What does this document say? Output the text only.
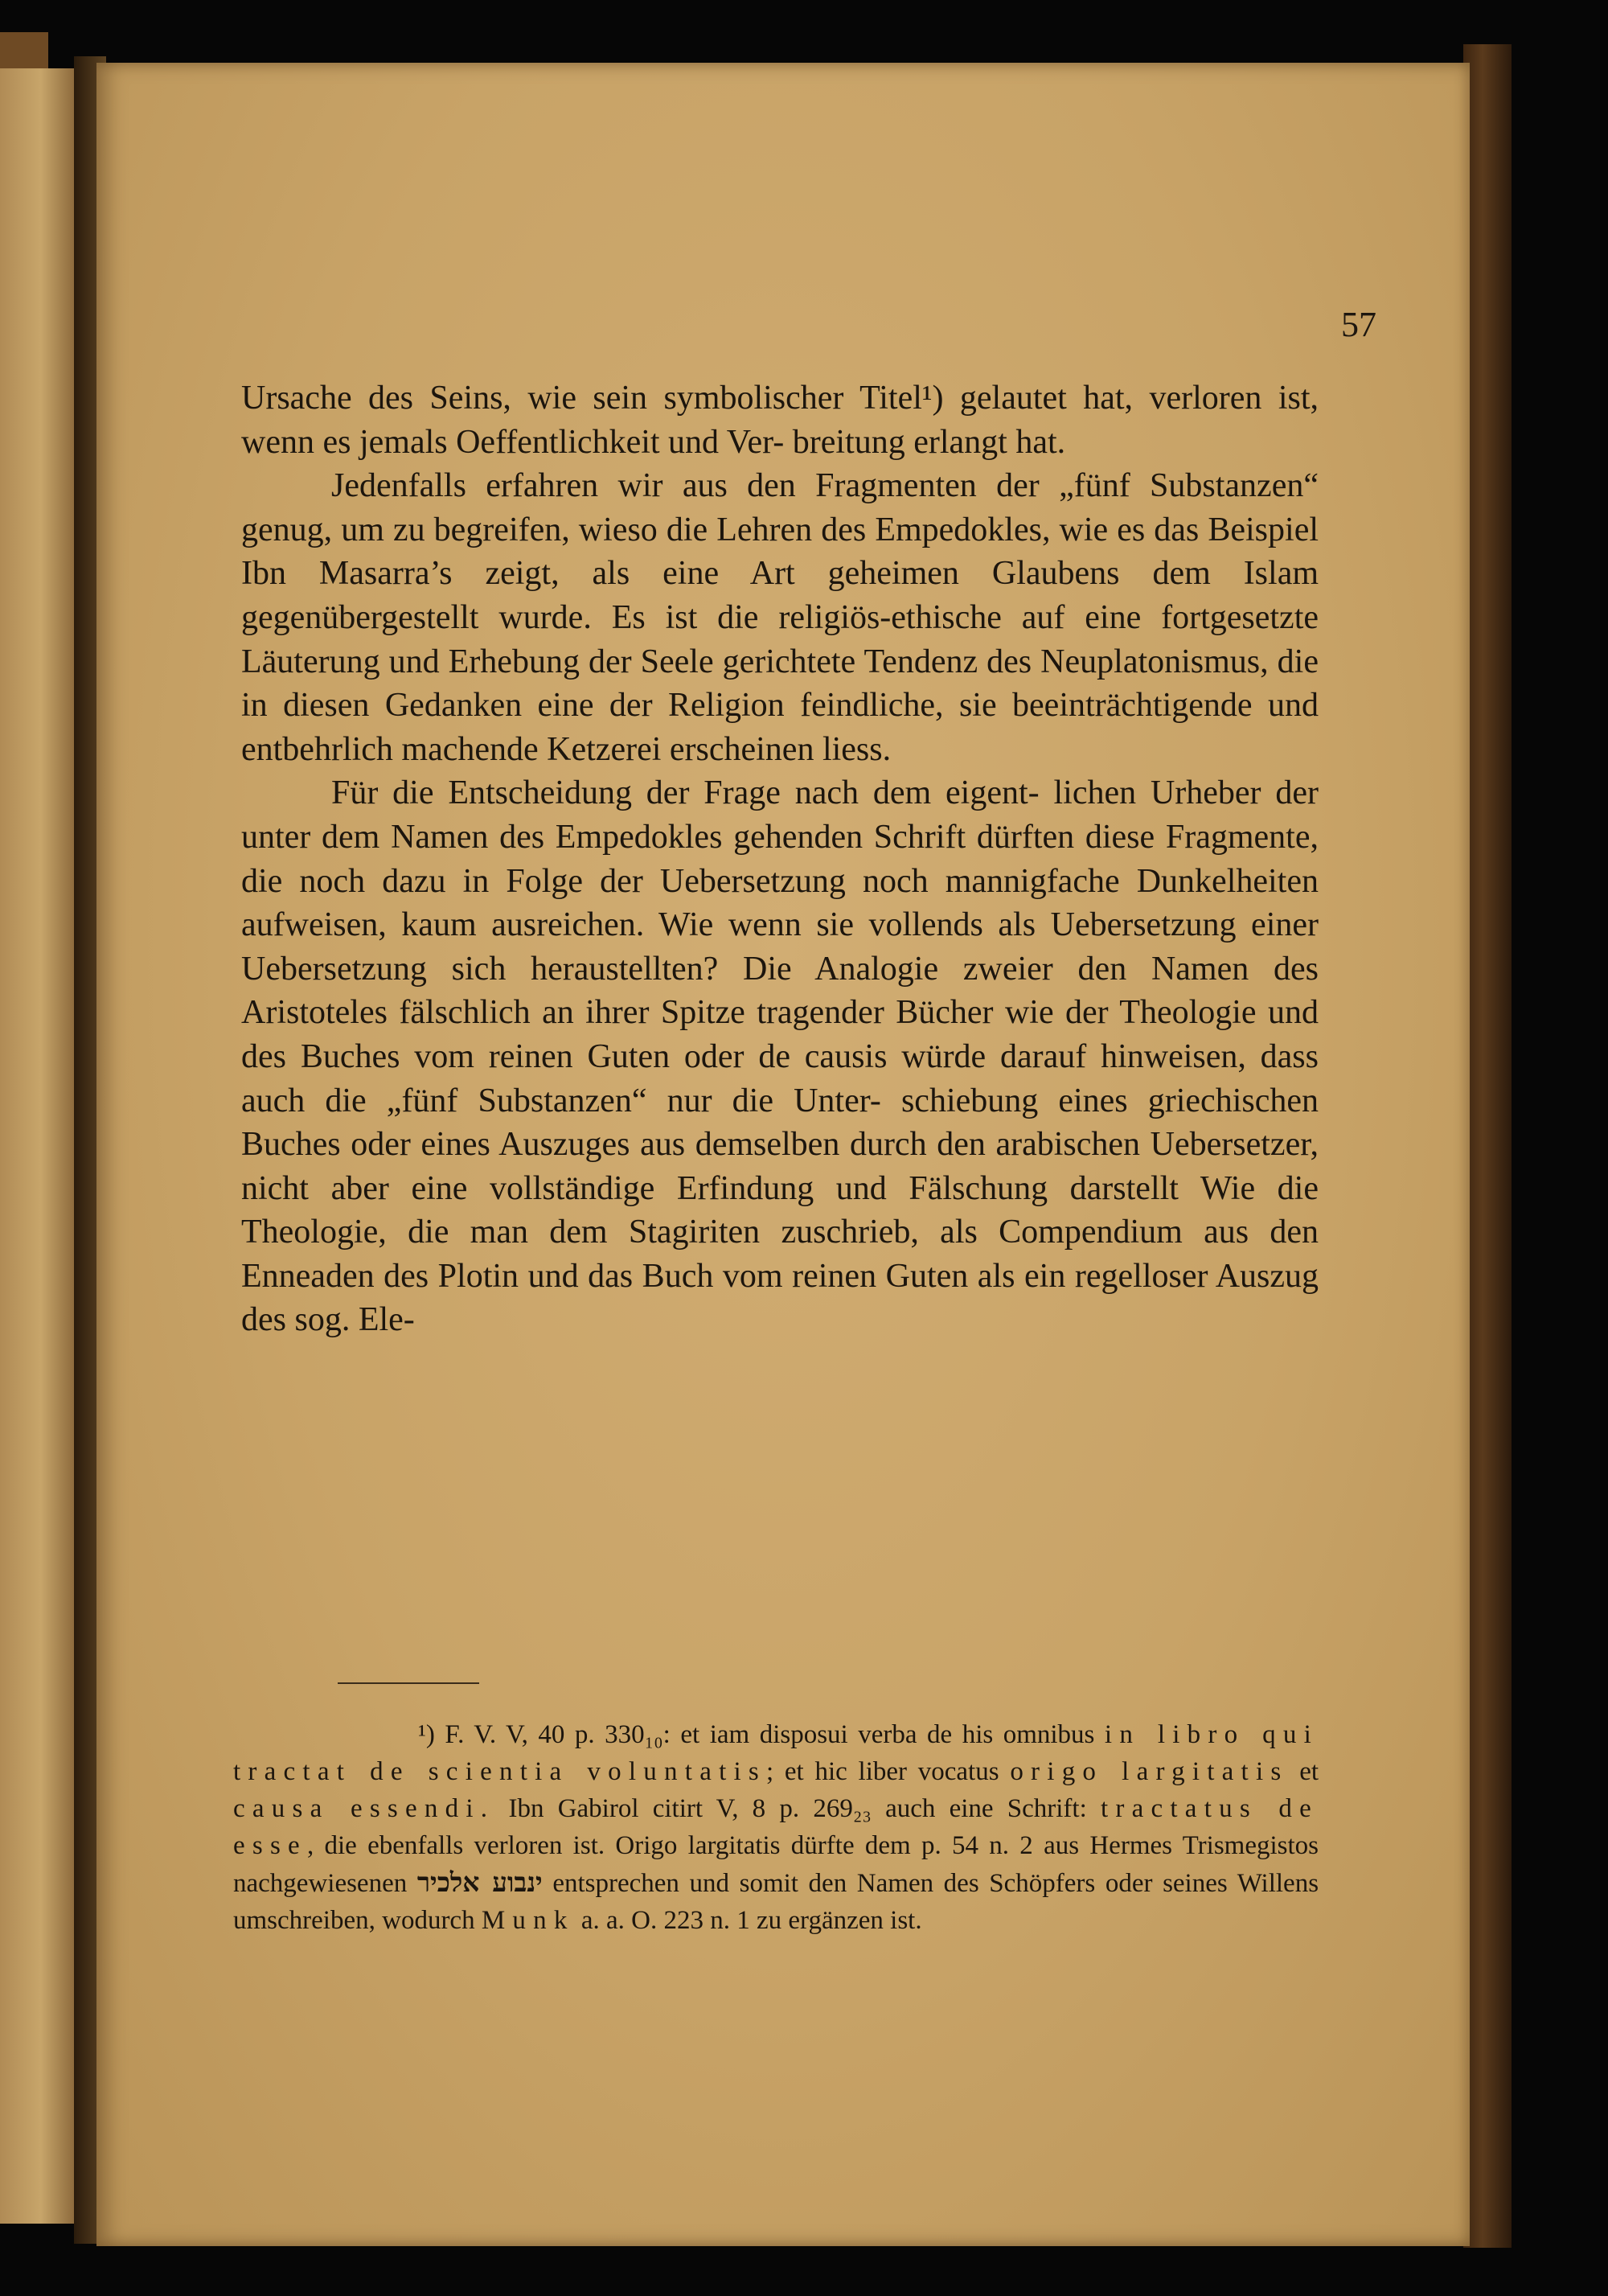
57

Ursache des Seins, wie sein symbolischer Titel¹) gelautet hat, verloren ist, wenn es jemals Oeffentlichkeit und Ver- breitung erlangt hat.

Jedenfalls erfahren wir aus den Fragmenten der „fünf Substanzen“ genug, um zu begreifen, wieso die Lehren des Empedokles, wie es das Beispiel Ibn Masarra’s zeigt, als eine Art geheimen Glaubens dem Islam gegenübergestellt wurde. Es ist die religiös-ethische auf eine fortgesetzte Läuterung und Erhebung der Seele gerichtete Tendenz des Neuplatonismus, die in diesen Gedanken eine der Religion feindliche, sie beeinträchtigende und entbehrlich machende Ketzerei erscheinen liess.

Für die Entscheidung der Frage nach dem eigent- lichen Urheber der unter dem Namen des Empedokles gehenden Schrift dürften diese Fragmente, die noch dazu in Folge der Uebersetzung noch mannigfache Dunkelheiten aufweisen, kaum ausreichen. Wie wenn sie vollends als Uebersetzung einer Uebersetzung sich heraustellten? Die Analogie zweier den Namen des Aristoteles fälschlich an ihrer Spitze tragender Bücher wie der Theologie und des Buches vom reinen Guten oder de causis würde darauf hinweisen, dass auch die „fünf Substanzen“ nur die Unter- schiebung eines griechischen Buches oder eines Auszuges aus demselben durch den arabischen Uebersetzer, nicht aber eine vollständige Erfindung und Fälschung darstellt Wie die Theologie, die man dem Stagiriten zuschrieb, als Compendium aus den Enneaden des Plotin und das Buch vom reinen Guten als ein regelloser Auszug des sog. Ele-

¹) F. V. V, 40 p. 330₁₀: et iam disposui verba de his omnibus in libro qui tractat de scientia voluntatis; et hic liber vocatus origo largitatis et causa essendi. Ibn Gabirol citirt V, 8 p. 269₂₃ auch eine Schrift: tractatus de esse, die ebenfalls verloren ist. Origo largitatis dürfte dem p. 54 n. 2 aus Hermes Trismegistos nachgewiesenen ינבוע אלכיר entsprechen und somit den Namen des Schöpfers oder seines Willens umschreiben, wodurch Munk a. a. O. 223 n. 1 zu ergänzen ist.
